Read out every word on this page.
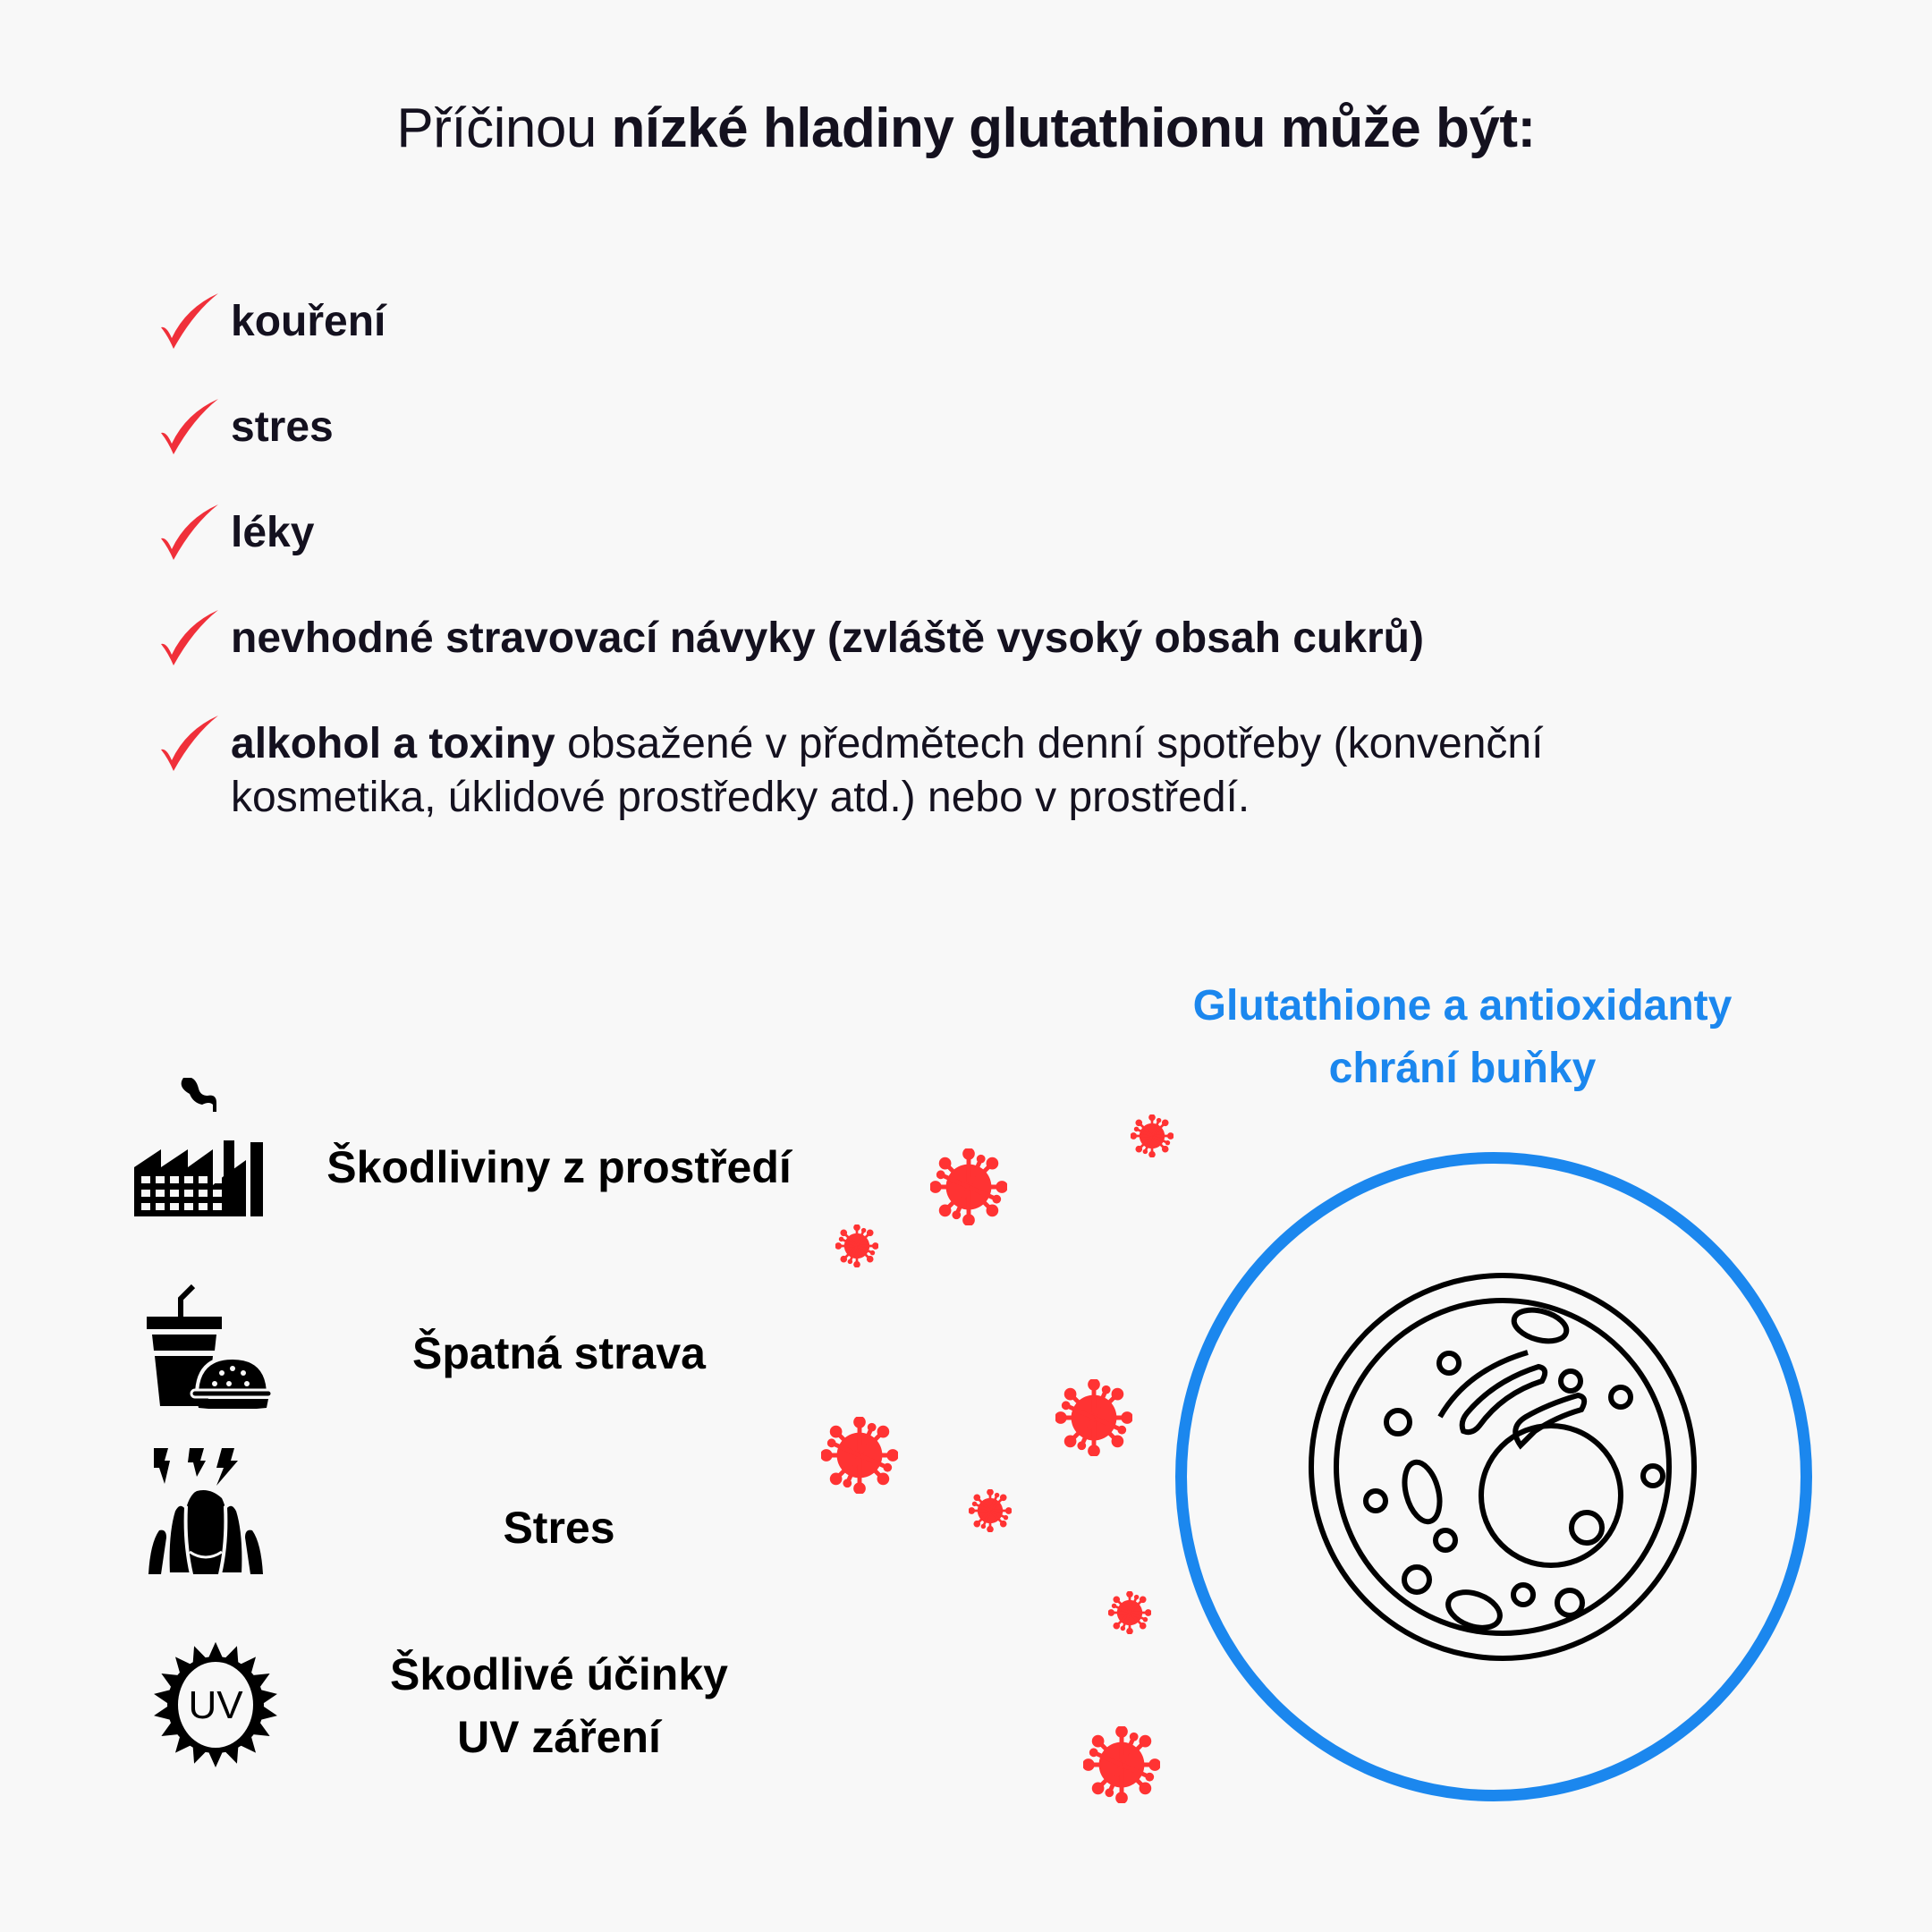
Příčinou nízké hladiny glutathionu může být:
kouření
stres
léky
nevhodné stravovací návyky (zvláště vysoký obsah cukrů)
alkohol a toxiny obsažené v předmětech denní spotřeby (konvenční kosmetika, úklidové prostředky atd.) nebo v prostředí.
Škodliviny z prostředí
Špatná strava
Stres
UV
Škodlivé účinky
UV záření
Glutathione a antioxidanty
chrání buňky
